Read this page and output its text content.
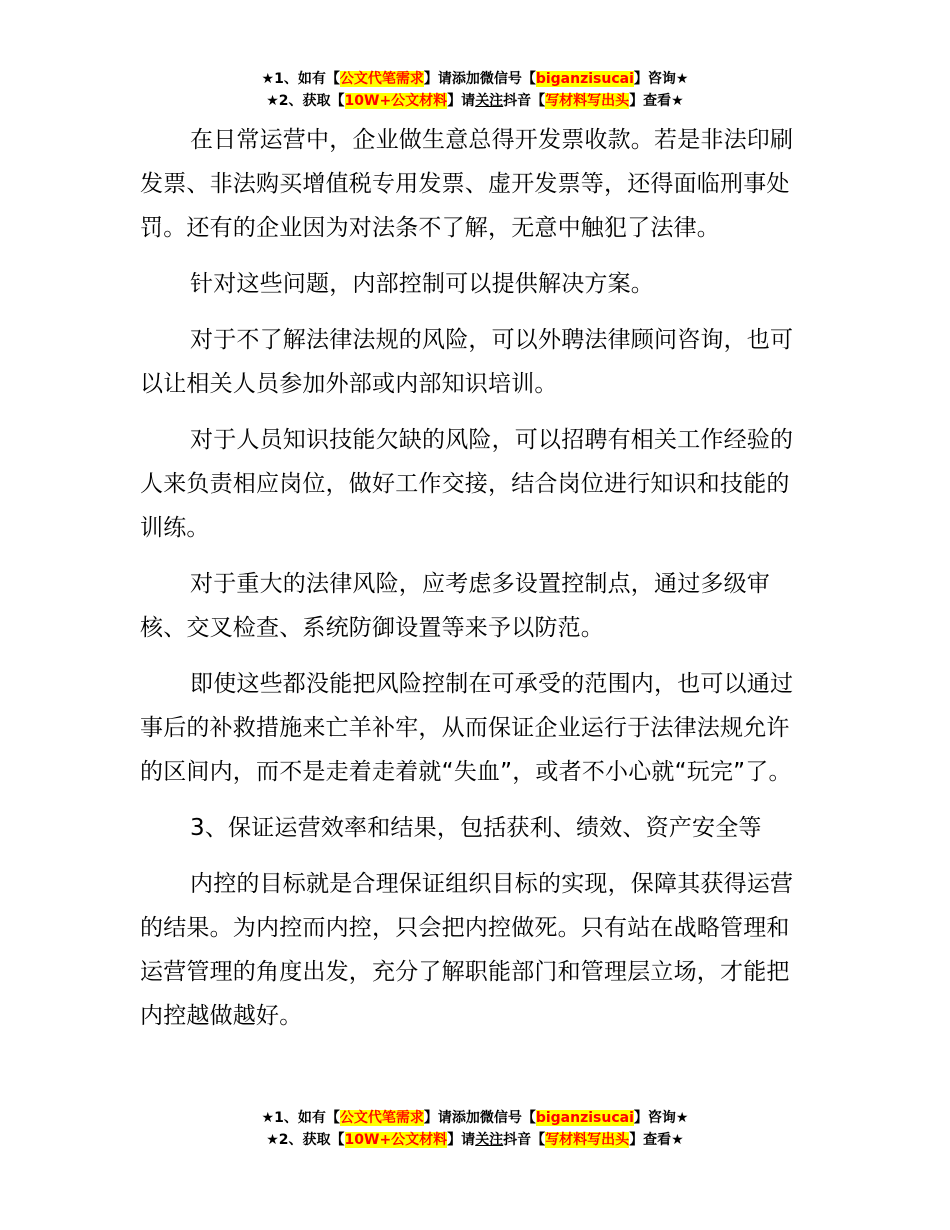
★1、如有【公文代笔需求】请添加微信号【biganzisucai】咨询★
★2、获取【10W+公文材料】请关注抖音【写材料写出头】查看★

在日常运营中，企业做生意总得开发票收款。若是非法印刷发票、非法购买增值税专用发票、虚开发票等，还得面临刑事处罚。还有的企业因为对法条不了解，无意中触犯了法律。

针对这些问题，内部控制可以提供解决方案。

对于不了解法律法规的风险，可以外聘法律顾问咨询，也可以让相关人员参加外部或内部知识培训。

对于人员知识技能欠缺的风险，可以招聘有相关工作经验的人来负责相应岗位，做好工作交接，结合岗位进行知识和技能的训练。

对于重大的法律风险，应考虑多设置控制点，通过多级审核、交叉检查、系统防御设置等来予以防范。

即使这些都没能把风险控制在可承受的范围内，也可以通过事后的补救措施来亡羊补牢，从而保证企业运行于法律法规允许的区间内，而不是走着走着就“失血”，或者不小心就“玩完”了。

3、保证运营效率和结果，包括获利、绩效、资产安全等

内控的目标就是合理保证组织目标的实现，保障其获得运营的结果。为内控而内控，只会把内控做死。只有站在战略管理和运营管理的角度出发，充分了解职能部门和管理层立场，才能把内控越做越好。

★1、如有【公文代笔需求】请添加微信号【biganzisucai】咨询★
★2、获取【10W+公文材料】请关注抖音【写材料写出头】查看★
